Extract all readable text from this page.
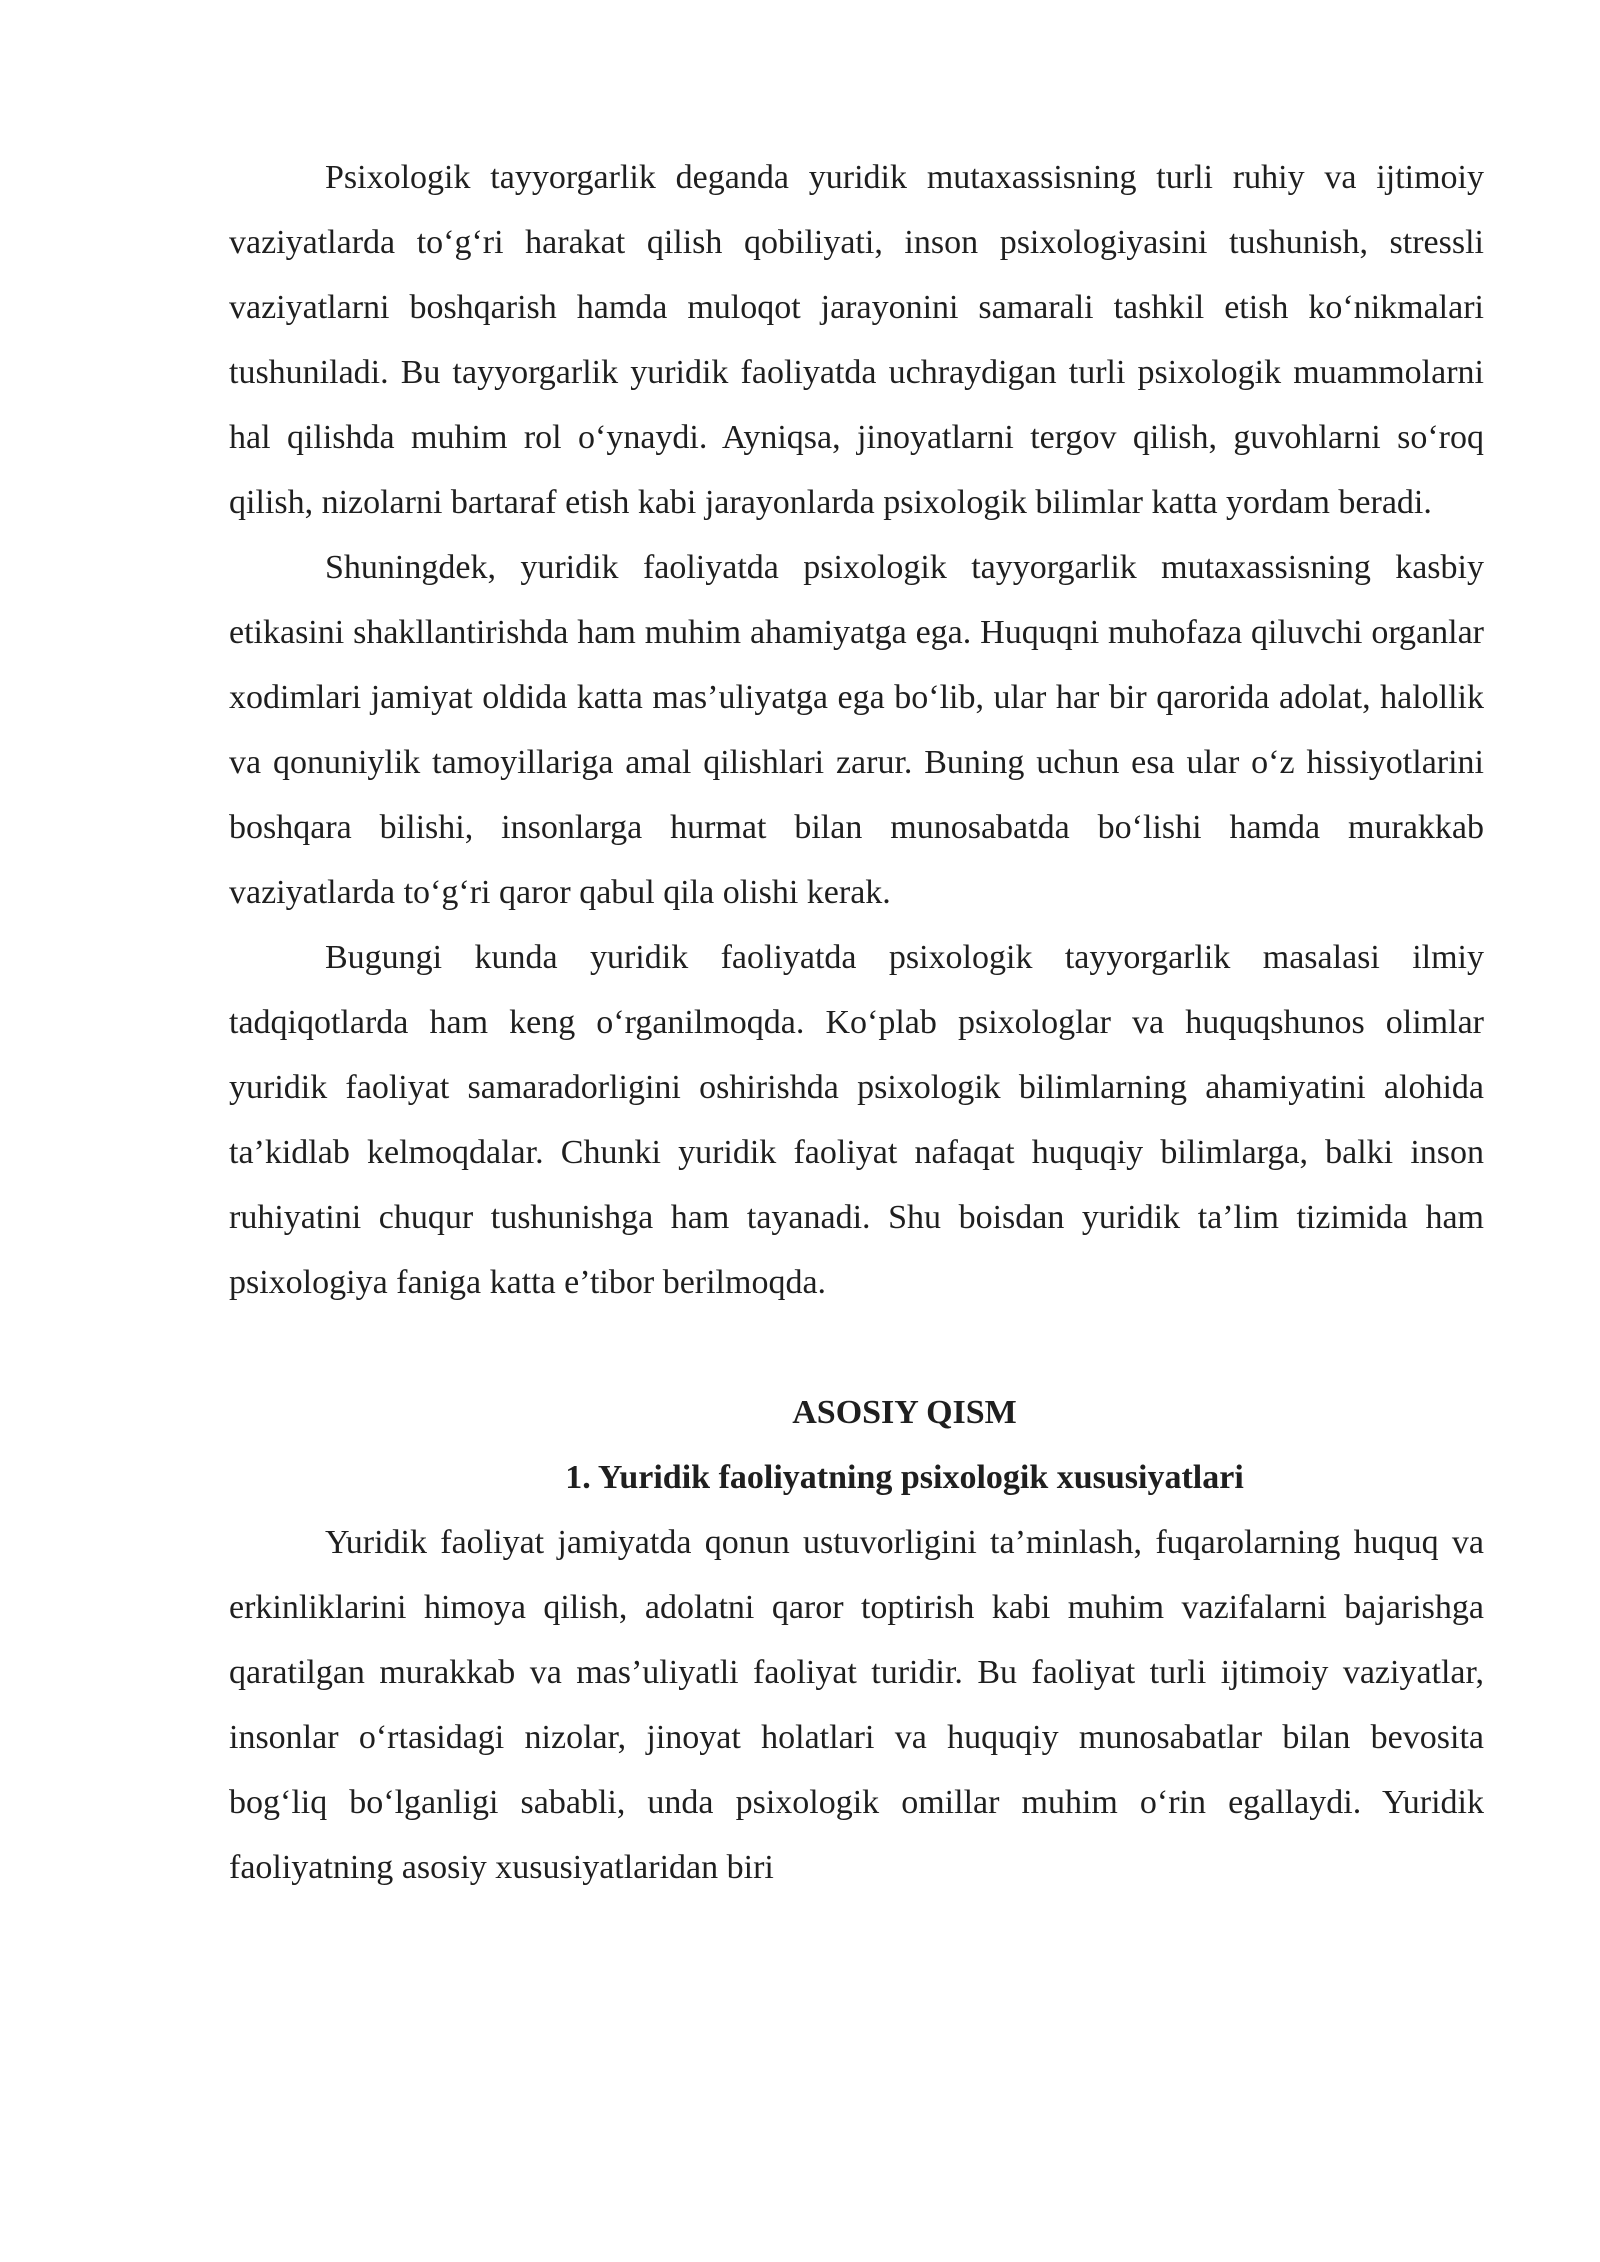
Psixologik tayyorgarlik deganda yuridik mutaxassisning turli ruhiy va ijtimoiy vaziyatlarda to‘g‘ri harakat qilish qobiliyati, inson psixologiyasini tushunish, stressli vaziyatlarni boshqarish hamda muloqot jarayonini samarali tashkil etish ko‘nikmalari tushuniladi. Bu tayyorgarlik yuridik faoliyatda uchraydigan turli psixologik muammolarni hal qilishda muhim rol o‘ynaydi. Ayniqsa, jinoyatlarni tergov qilish, guvohlarni so‘roq qilish, nizolarni bartaraf etish kabi jarayonlarda psixologik bilimlar katta yordam beradi.

Shuningdek, yuridik faoliyatda psixologik tayyorgarlik mutaxassisning kasbiy etikasini shakllantirishda ham muhim ahamiyatga ega. Huquqni muhofaza qiluvchi organlar xodimlari jamiyat oldida katta mas’uliyatga ega bo‘lib, ular har bir qarorida adolat, halollik va qonuniylik tamoyillariga amal qilishlari zarur. Buning uchun esa ular o‘z hissiyotlarini boshqara bilishi, insonlarga hurmat bilan munosabatda bo‘lishi hamda murakkab vaziyatlarda to‘g‘ri qaror qabul qila olishi kerak.

Bugungi kunda yuridik faoliyatda psixologik tayyorgarlik masalasi ilmiy tadqiqotlarda ham keng o‘rganilmoqda. Ko‘plab psixologlar va huquqshunos olimlar yuridik faoliyat samaradorligini oshirishda psixologik bilimlarning ahamiyatini alohida ta’kidlab kelmoqdalar. Chunki yuridik faoliyat nafaqat huquqiy bilimlarga, balki inson ruhiyatini chuqur tushunishga ham tayanadi. Shu boisdan yuridik ta’lim tizimida ham psixologiya faniga katta e’tibor berilmoqda.

ASOSIY QISM
1. Yuridik faoliyatning psixologik xususiyatlari

Yuridik faoliyat jamiyatda qonun ustuvorligini ta’minlash, fuqarolarning huquq va erkinliklarini himoya qilish, adolatni qaror toptirish kabi muhim vazifalarni bajarishga qaratilgan murakkab va mas’uliyatli faoliyat turidir. Bu faoliyat turli ijtimoiy vaziyatlar, insonlar o‘rtasidagi nizolar, jinoyat holatlari va huquqiy munosabatlar bilan bevosita bog‘liq bo‘lganligi sababli, unda psixologik omillar muhim o‘rin egallaydi. Yuridik faoliyatning asosiy xususiyatlaridan biri
